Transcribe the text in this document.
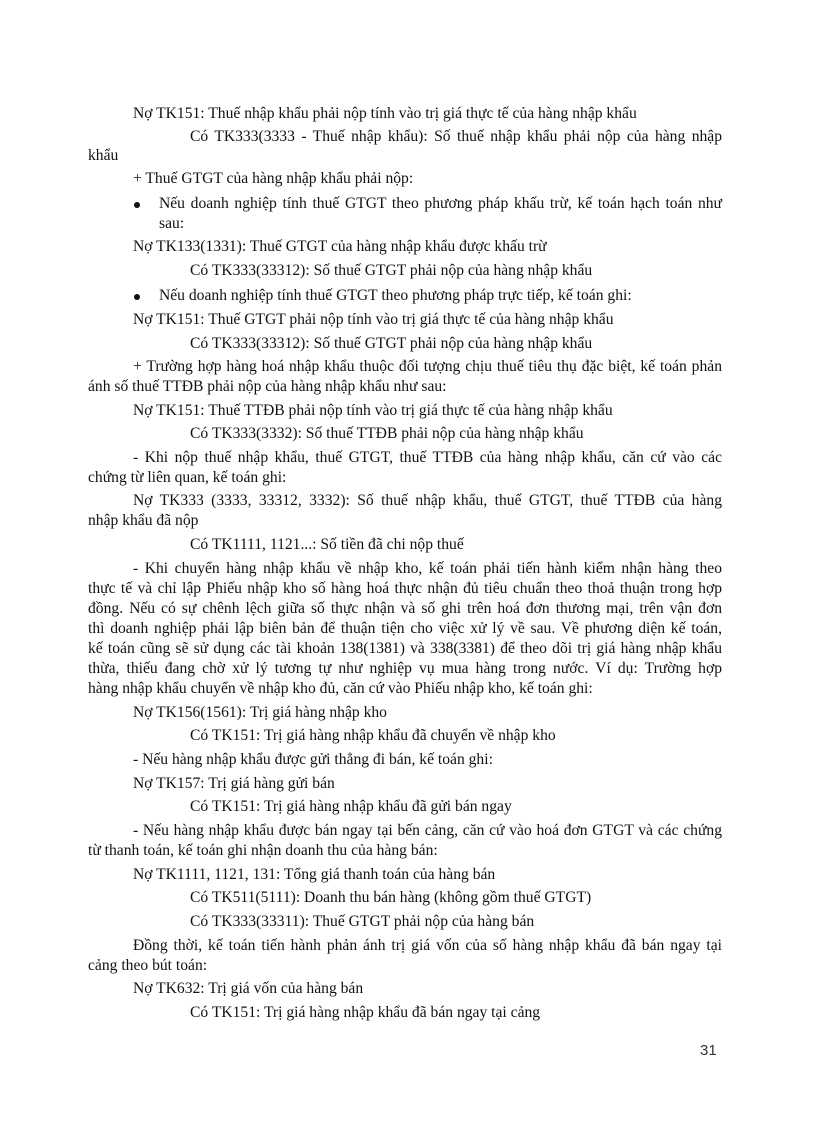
Nợ TK151: Thuế nhập khẩu phải nộp tính vào trị giá thực tế của hàng nhập khẩu

Có TK333(3333 - Thuế nhập khẩu): Số thuế nhập khẩu phải nộp của hàng nhập

khẩu

+ Thuế GTGT của hàng nhập khẩu phải nộp:

Nếu doanh nghiệp tính thuế GTGT theo phương pháp khấu trừ, kế toán hạch toán như

sau:

Nợ TK133(1331): Thuế GTGT của hàng nhập khẩu được khấu trừ

Có TK333(33312): Số thuế GTGT phải nộp của hàng nhập khẩu

Nếu doanh nghiệp tính thuế GTGT theo phương pháp trực tiếp, kế toán ghi:

Nợ TK151: Thuế GTGT phải nộp tính vào trị giá thực tế của hàng nhập khẩu

Có TK333(33312): Số thuế GTGT phải nộp của hàng nhập khẩu

+ Trường hợp hàng hoá nhập khẩu thuộc đối tượng chịu thuế tiêu thụ đặc biệt, kế toán phản

ánh số thuế TTĐB phải nộp của hàng nhập khẩu như sau:

Nợ TK151: Thuế TTĐB phải nộp tính vào trị giá thực tế của hàng nhập khẩu

Có TK333(3332): Số thuế TTĐB phải nộp của hàng nhập khẩu

- Khi nộp thuế nhập khẩu, thuế GTGT, thuế TTĐB của hàng nhập khẩu, căn cứ vào các

chứng từ liên quan, kế toán ghi:

Nợ TK333 (3333, 33312, 3332): Số thuế nhập khẩu, thuế GTGT, thuế TTĐB của hàng

nhập khẩu đã nộp

Có TK1111, 1121...: Số tiền đã chi nộp thuế

- Khi chuyển hàng nhập khẩu về nhập kho, kế toán phải tiến hành kiểm nhận hàng theo

thực tế và chỉ lập Phiếu nhập kho số hàng hoá thực nhận đủ tiêu chuẩn theo thoả thuận trong hợp

đồng. Nếu có sự chênh lệch giữa số thực nhận và số ghi trên hoá đơn thương mại, trên vận đơn

thì doanh nghiệp phải lập biên bản để thuận tiện cho việc xử lý về sau. Về phương diện kế toán,

kế toán cũng sẽ sử dụng các tài khoản 138(1381) và 338(3381) để theo dõi trị giá hàng nhập khẩu

thừa, thiếu đang chờ xử lý tương tự như nghiệp vụ mua hàng trong nước. Ví dụ: Trường hợp

hàng nhập khẩu chuyển về nhập kho đủ, căn cứ vào Phiếu nhập kho, kế toán ghi:

Nợ TK156(1561): Trị giá hàng nhập kho

Có TK151: Trị giá hàng nhập khẩu đã chuyển về nhập kho

- Nếu hàng nhập khẩu được gửi thẳng đi bán, kế toán ghi:

Nợ TK157: Trị giá hàng gửi bán

Có TK151: Trị giá hàng nhập khẩu đã gửi bán ngay

- Nếu hàng nhập khẩu được bán ngay tại bến cảng, căn cứ vào hoá đơn GTGT và các chứng

từ thanh toán, kế toán ghi nhận doanh thu của hàng bán:

Nợ TK1111, 1121, 131: Tổng giá thanh toán của hàng bán

Có TK511(5111): Doanh thu bán hàng (không gồm thuế GTGT)

Có TK333(33311): Thuế GTGT phải nộp của hàng bán

Đồng thời, kế toán tiến hành phản ánh trị giá vốn của số hàng nhập khẩu đã bán ngay tại

cảng theo bút toán:

Nợ TK632: Trị giá vốn của hàng bán

Có TK151: Trị giá hàng nhập khẩu đã bán ngay tại cảng

31
